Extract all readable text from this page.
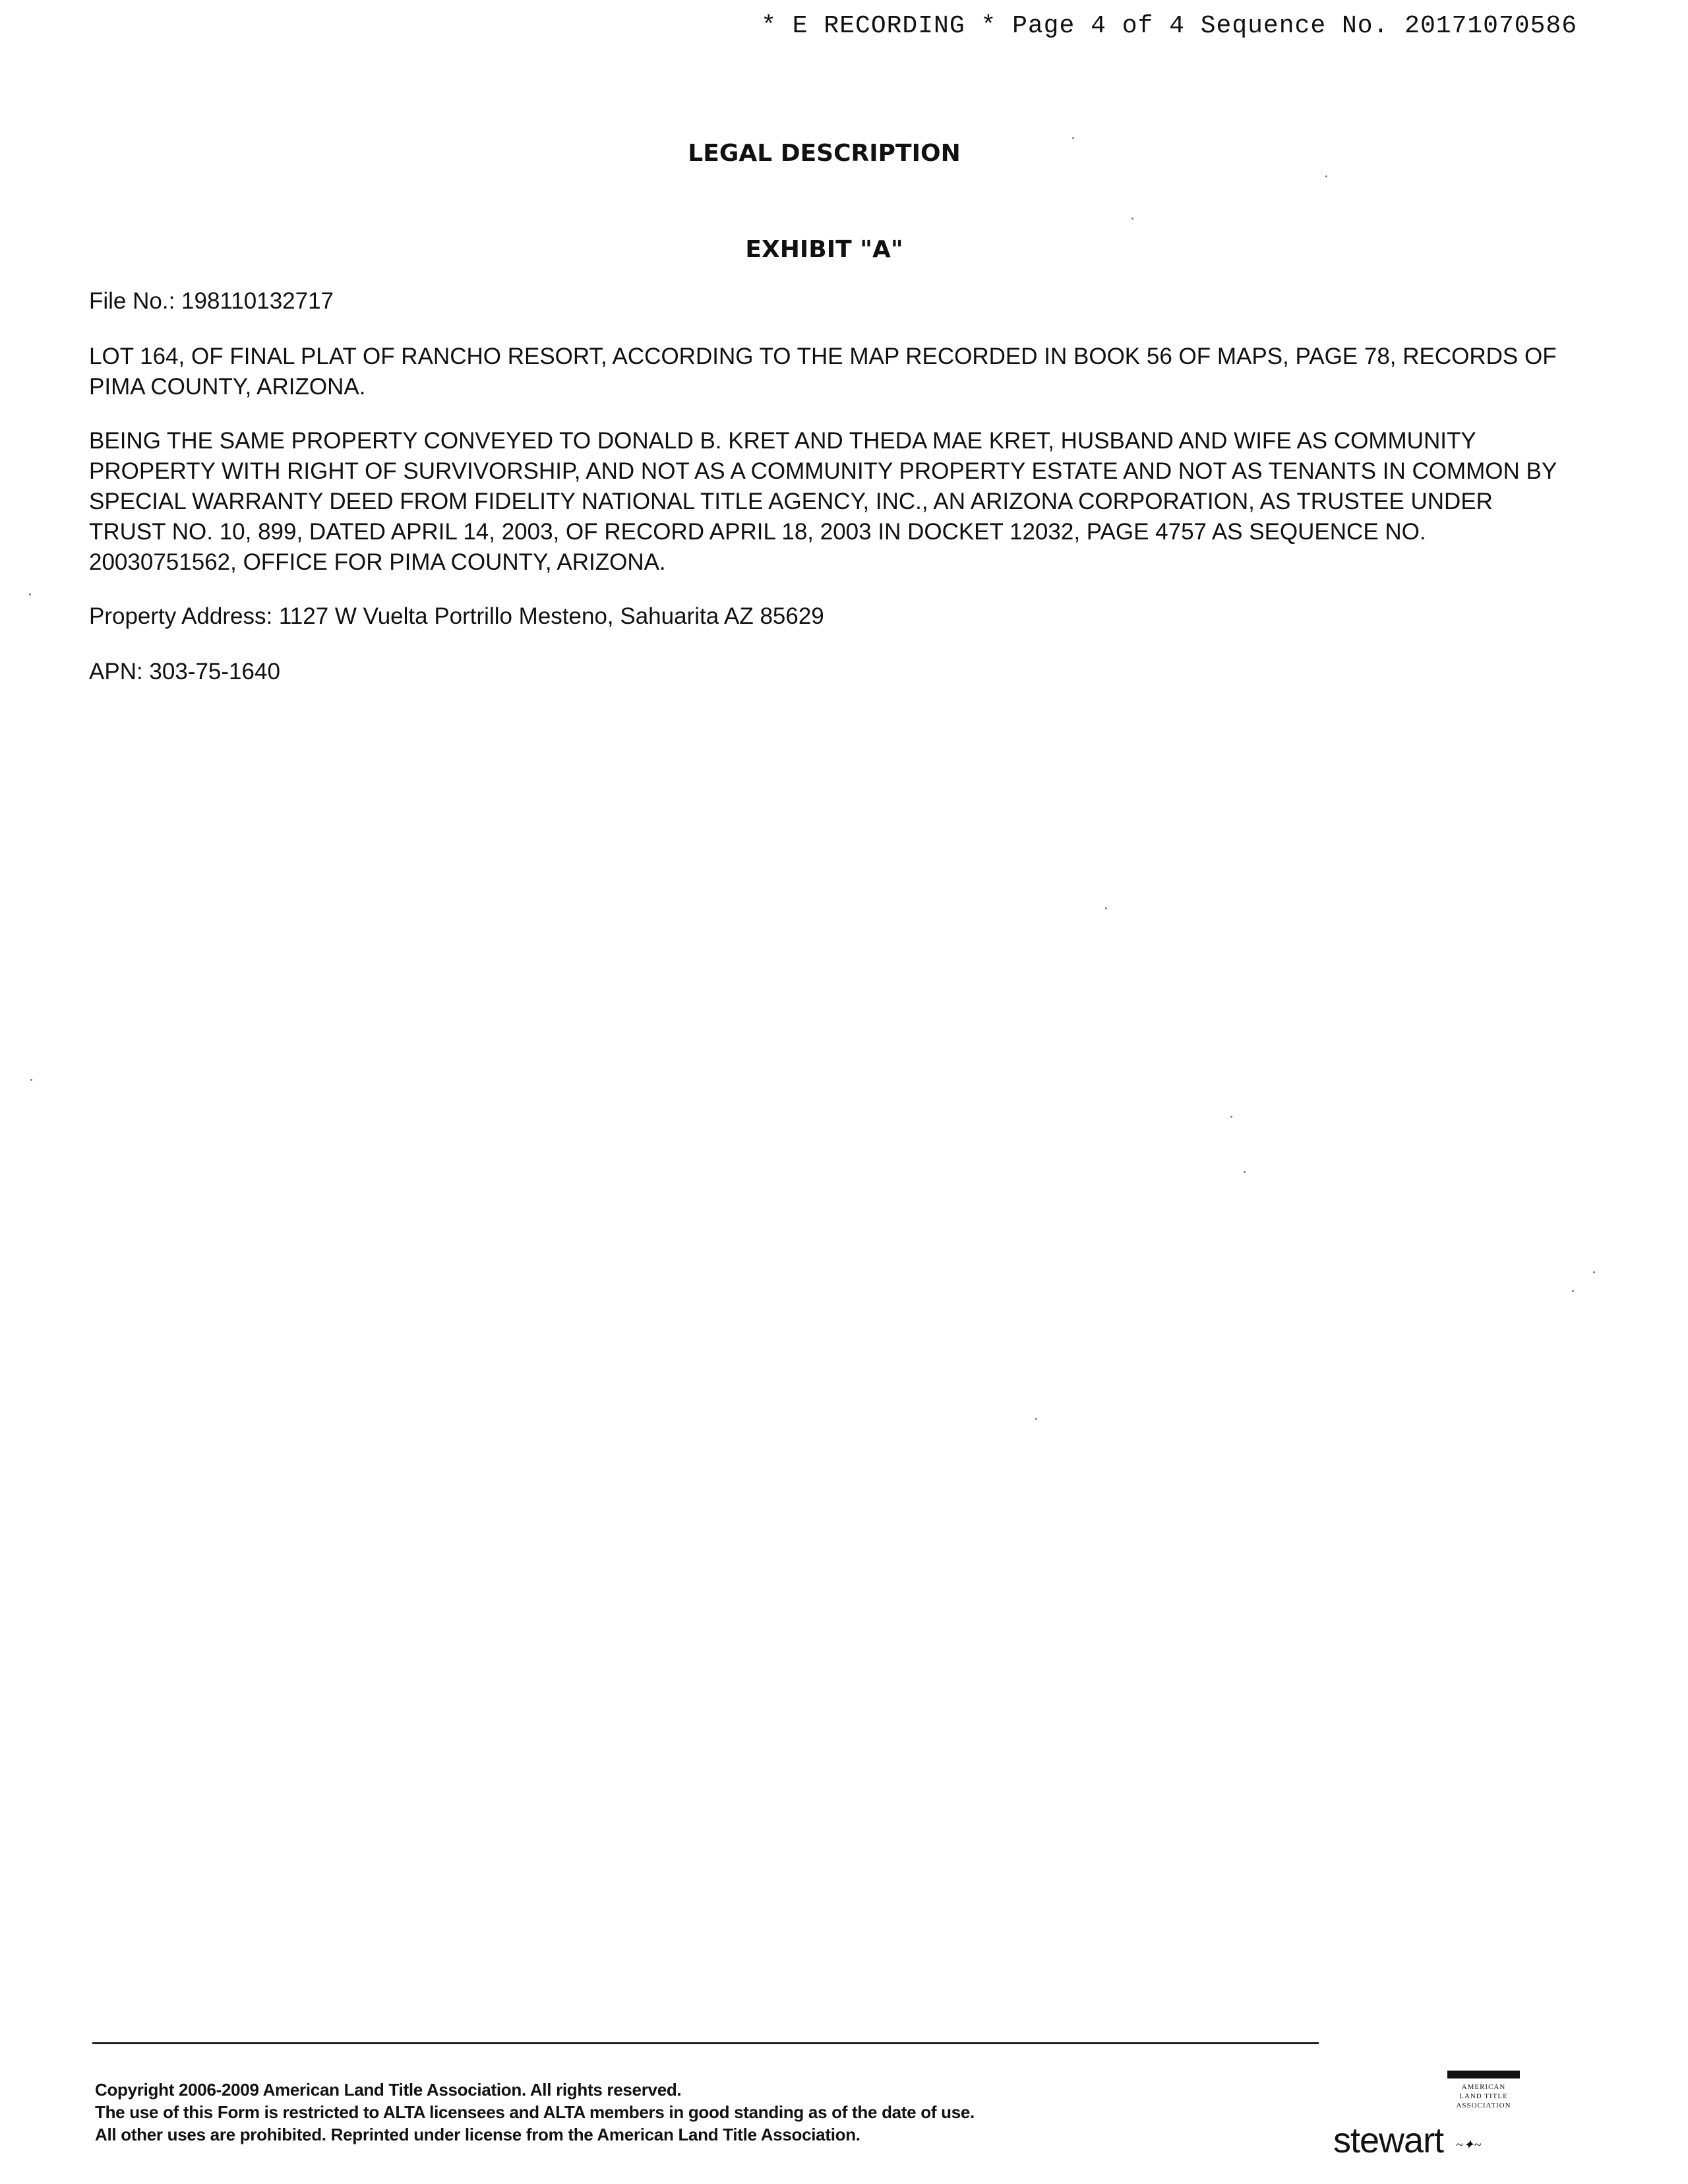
* E RECORDING * Page 4 of 4 Sequence No. 20171070586
LEGAL DESCRIPTION
EXHIBIT "A"
File No.: 198110132717
LOT 164, OF FINAL PLAT OF RANCHO RESORT, ACCORDING TO THE MAP RECORDED IN BOOK 56 OF MAPS, PAGE 78, RECORDS OF PIMA COUNTY, ARIZONA.
BEING THE SAME PROPERTY CONVEYED TO DONALD B. KRET AND THEDA MAE KRET, HUSBAND AND WIFE AS COMMUNITY PROPERTY WITH RIGHT OF SURVIVORSHIP, AND NOT AS A COMMUNITY PROPERTY ESTATE AND NOT AS TENANTS IN COMMON BY SPECIAL WARRANTY DEED FROM FIDELITY NATIONAL TITLE AGENCY, INC., AN ARIZONA CORPORATION, AS TRUSTEE UNDER TRUST NO. 10, 899, DATED APRIL 14, 2003, OF RECORD APRIL 18, 2003 IN DOCKET 12032, PAGE 4757 AS SEQUENCE NO. 20030751562, OFFICE FOR PIMA COUNTY, ARIZONA.
Property Address: 1127 W Vuelta Portrillo Mesteno, Sahuarita AZ 85629
APN: 303-75-1640
Copyright 2006-2009 American Land Title Association. All rights reserved.
The use of this Form is restricted to ALTA licensees and ALTA members in good standing as of the date of use.
All other uses are prohibited. Reprinted under license from the American Land Title Association.
AMERICAN
LAND TITLE
ASSOCIATION
stewart ~✦~
